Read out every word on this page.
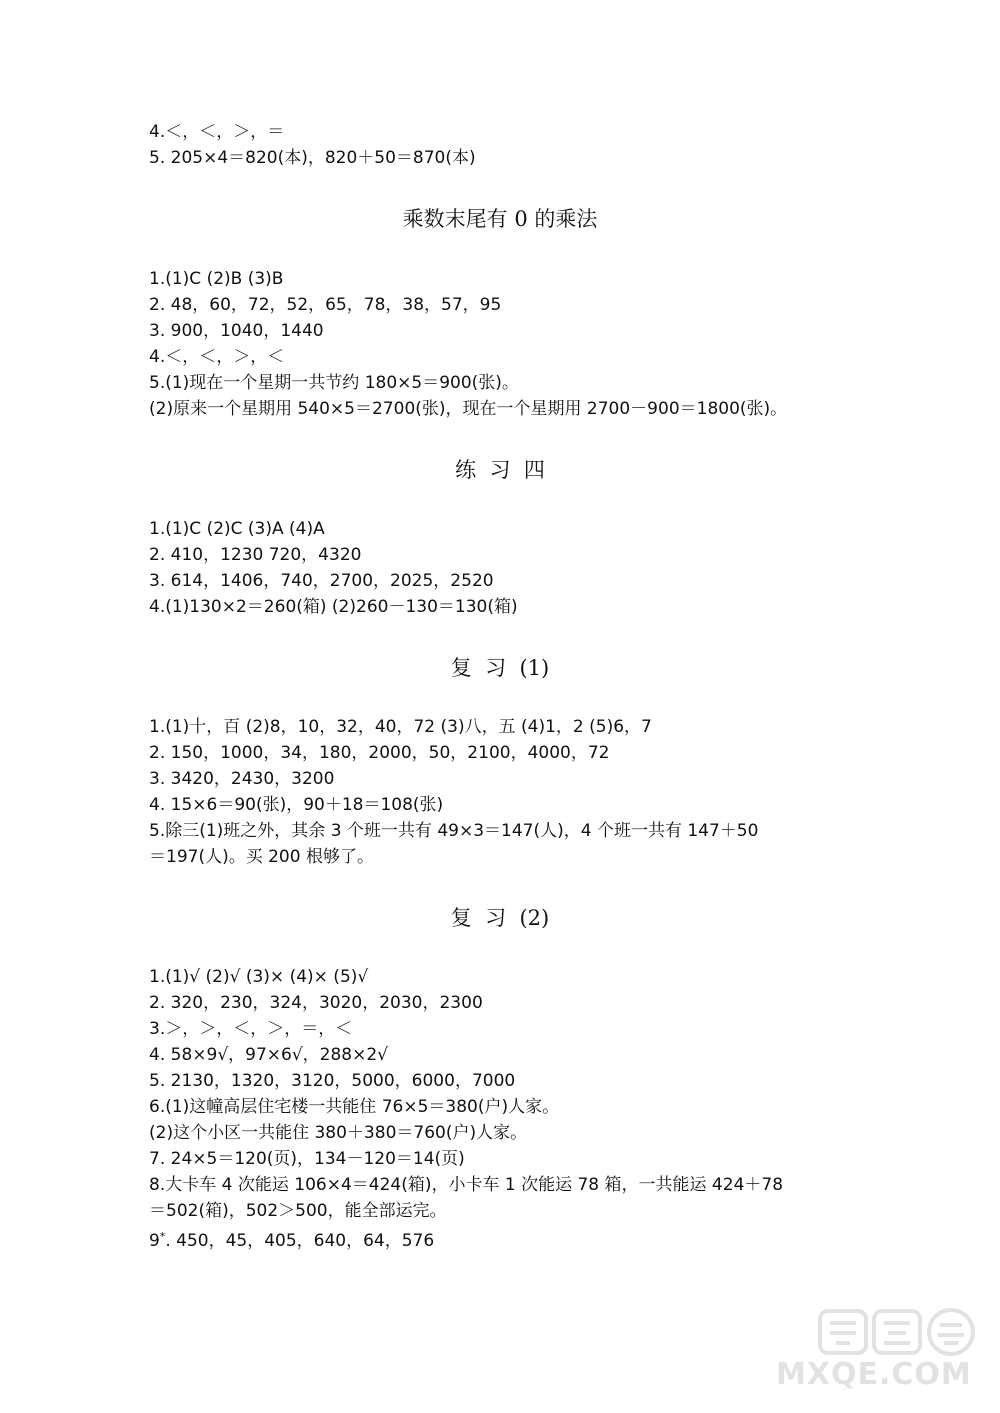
4.＜，＜，＞，＝
5. 205×4＝820(本)，820＋50＝870(本)
乘数末尾有 0 的乘法
1.(1)C (2)B (3)B
2. 48，60，72，52，65，78，38，57，95
3. 900，1040，1440
4.＜，＜，＞，＜
5.(1)现在一个星期一共节约 180×5＝900(张)。
(2)原来一个星期用 540×5＝2700(张)，现在一个星期用 2700－900＝1800(张)。
练  习  四
1.(1)C (2)C (3)A (4)A
2. 410，1230 720，4320
3. 614，1406，740，2700，2025，2520
4.(1)130×2＝260(箱) (2)260－130＝130(箱)
复  习  (1)
1.(1)十，百 (2)8，10，32，40，72 (3)八，五 (4)1，2 (5)6，7
2. 150，1000，34，180，2000，50，2100，4000，72
3. 3420，2430，3200
4. 15×6＝90(张)，90＋18＝108(张)
5.除三(1)班之外，其余 3 个班一共有 49×3＝147(人)，4 个班一共有 147＋50
＝197(人)。买 200 根够了。
复  习  (2)
1.(1)√ (2)√ (3)× (4)× (5)√
2. 320，230，324，3020，2030，2300
3.＞，＞，＜，＞，＝，＜
4. 58×9√，97×6√，288×2√
5. 2130，1320，3120，5000，6000，7000
6.(1)这幢高层住宅楼一共能住 76×5＝380(户)人家。
(2)这个小区一共能住 380＋380＝760(户)人家。
7. 24×5＝120(页)，134－120＝14(页)
8.大卡车 4 次能运 106×4＝424(箱)，小卡车 1 次能运 78 箱，一共能运 424＋78
＝502(箱)，502＞500，能全部运完。
9*. 450，45，405，640，64，576
MXQE.COM
